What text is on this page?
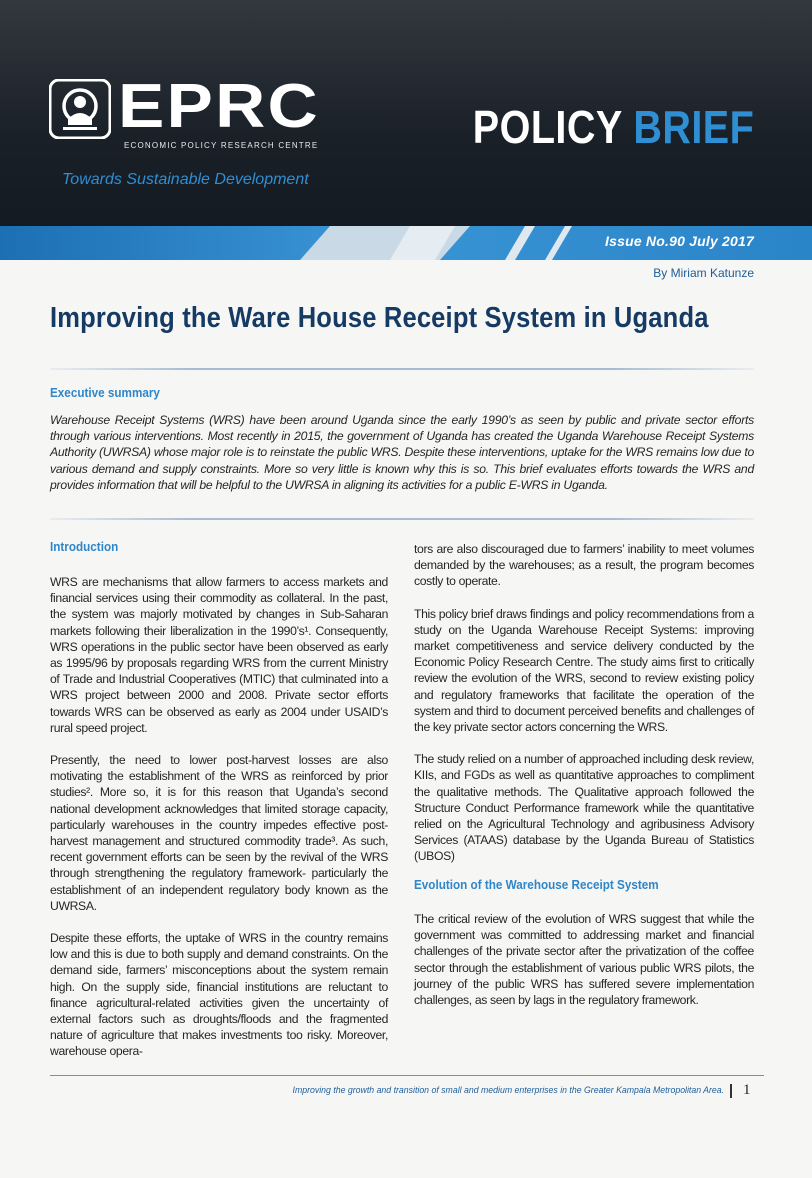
EPRC
ECONOMIC POLICY RESEARCH CENTRE
Towards Sustainable Development
POLICY BRIEF
Issue No.90 July 2017
By Miriam Katunze
Improving the Ware House Receipt System in Uganda
Executive summary
Warehouse Receipt Systems (WRS) have been around Uganda since the early 1990’s as seen by public and private sector efforts through various interventions. Most recently in 2015, the government of Uganda has created the Uganda Warehouse Receipt Systems Authority (UWRSA) whose major role is to reinstate the public WRS. Despite these interventions, uptake for the WRS remains low due to various demand and supply constraints. More so very little is known why this is so. This brief evaluates efforts towards the WRS and provides information that will be helpful to the UWRSA in aligning its activities for a public E-WRS in Uganda.
Introduction

WRS are mechanisms that allow farmers to access markets and financial services using their commodity as collateral. In the past, the system was majorly motivated by changes in Sub-Saharan markets following their liberalization in the 1990’s¹. Consequently, WRS operations in the public sector have been observed as early as 1995/96 by proposals regarding WRS from the current Ministry of Trade and Industrial Cooperatives (MTIC) that culminated into a WRS project between 2000 and 2008. Private sector efforts towards WRS can be observed as early as 2004 under USAID’s rural speed project.

Presently, the need to lower post-harvest losses are also motivating the establishment of the WRS as reinforced by prior studies². More so, it is for this reason that Uganda’s second national development acknowledges that limited storage capacity, particularly warehouses in the country impedes effective post-harvest management and structured commodity trade³. As such, recent government efforts can be seen by the revival of the WRS through strengthening the regulatory framework- particularly the establishment of an independent regulatory body known as the UWRSA.

Despite these efforts, the uptake of WRS in the country remains low and this is due to both supply and demand constraints. On the demand side, farmers’ misconceptions about the system remain high. On the supply side, financial institutions are reluctant to finance agricultural-related activities given the uncertainty of external factors such as droughts/floods and the fragmented nature of agriculture that makes investments too risky. Moreover, warehouse opera-

tors are also discouraged due to farmers’ inability to meet volumes demanded by the warehouses; as a result, the program becomes costly to operate.

This policy brief draws findings and policy recommendations from a study on the Uganda Warehouse Receipt Systems: improving market competitiveness and service delivery conducted by the Economic Policy Research Centre. The study aims first to critically review the evolution of the WRS, second to review existing policy and regulatory frameworks that facilitate the operation of the system and third to document perceived benefits and challenges of the key private sector actors concerning the WRS.

The study relied on a number of approached including desk review, KIIs, and FGDs as well as quantitative approaches to compliment the qualitative methods. The Qualitative approach followed the Structure Conduct Performance framework while the quantitative relied on the Agricultural Technology and agribusiness Advisory Services (ATAAS) database by the Uganda Bureau of Statistics (UBOS)

Evolution of the Warehouse Receipt System

The critical review of the evolution of WRS suggest that while the government was committed to addressing market and financial challenges of the private sector after the privatization of the coffee sector through the establishment of various public WRS pilots, the journey of the public WRS has suffered severe implementation challenges, as seen by lags in the regulatory framework.

Improving the growth and transition of small and medium enterprises in the Greater Kampala Metropolitan Area. 1
